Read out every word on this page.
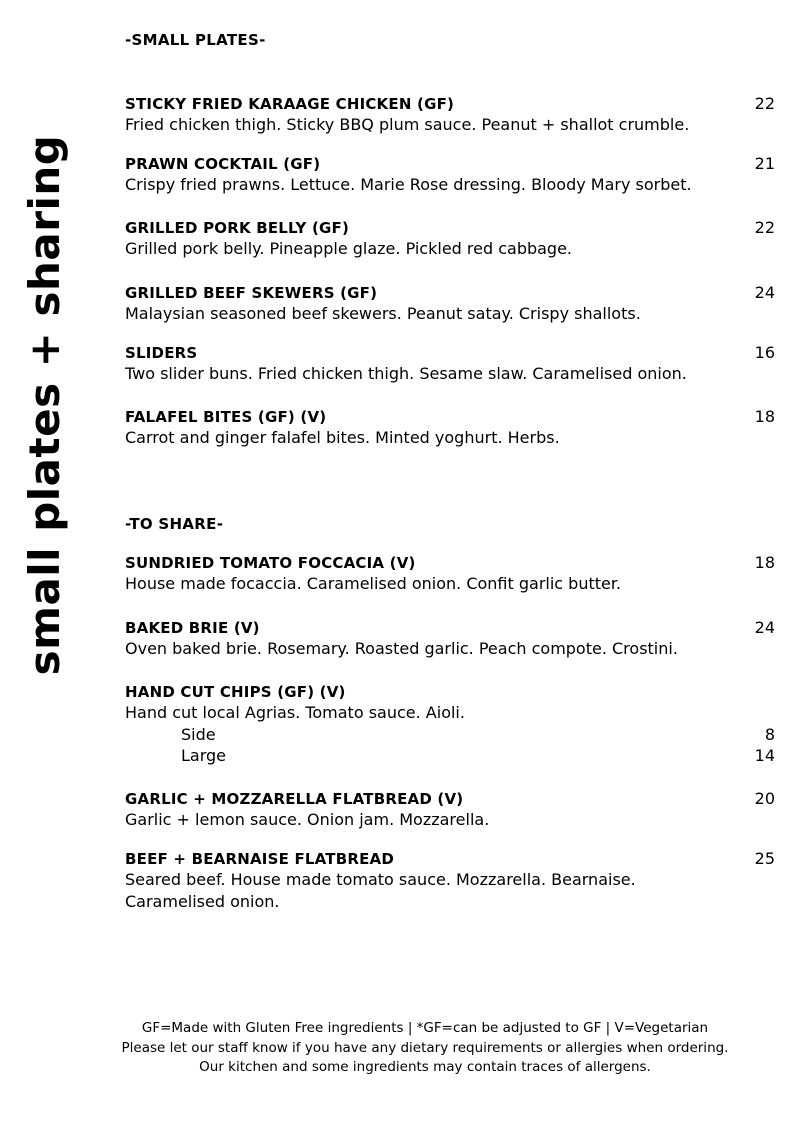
small plates + sharing
-SMALL PLATES-
STICKY FRIED KARAAGE CHICKEN (GF)	22
Fried chicken thigh. Sticky BBQ plum sauce. Peanut + shallot crumble.
PRAWN COCKTAIL (GF)	21
Crispy fried prawns. Lettuce. Marie Rose dressing. Bloody Mary sorbet.
GRILLED PORK BELLY (GF)	22
Grilled pork belly. Pineapple glaze. Pickled red cabbage.
GRILLED BEEF SKEWERS (GF)	24
Malaysian seasoned beef skewers. Peanut satay. Crispy shallots.
SLIDERS	16
Two slider buns. Fried chicken thigh. Sesame slaw. Caramelised onion.
FALAFEL BITES (GF) (V)	18
Carrot and ginger falafel bites. Minted yoghurt. Herbs.
-TO SHARE-
SUNDRIED TOMATO FOCCACIA (V)	18
House made focaccia. Caramelised onion. Confit garlic butter.
BAKED BRIE (V)	24
Oven baked brie. Rosemary. Roasted garlic. Peach compote. Crostini.
HAND CUT CHIPS (GF) (V)
Hand cut local Agrias. Tomato sauce. Aioli.
Side	8
Large	14
GARLIC + MOZZARELLA FLATBREAD (V)	20
Garlic + lemon sauce. Onion jam. Mozzarella.
BEEF + BEARNAISE FLATBREAD	25
Seared beef. House made tomato sauce. Mozzarella. Bearnaise. Caramelised onion.
GF=Made with Gluten Free ingredients | *GF=can be adjusted to GF | V=Vegetarian
Please let our staff know if you have any dietary requirements or allergies when ordering.
Our kitchen and some ingredients may contain traces of allergens.
